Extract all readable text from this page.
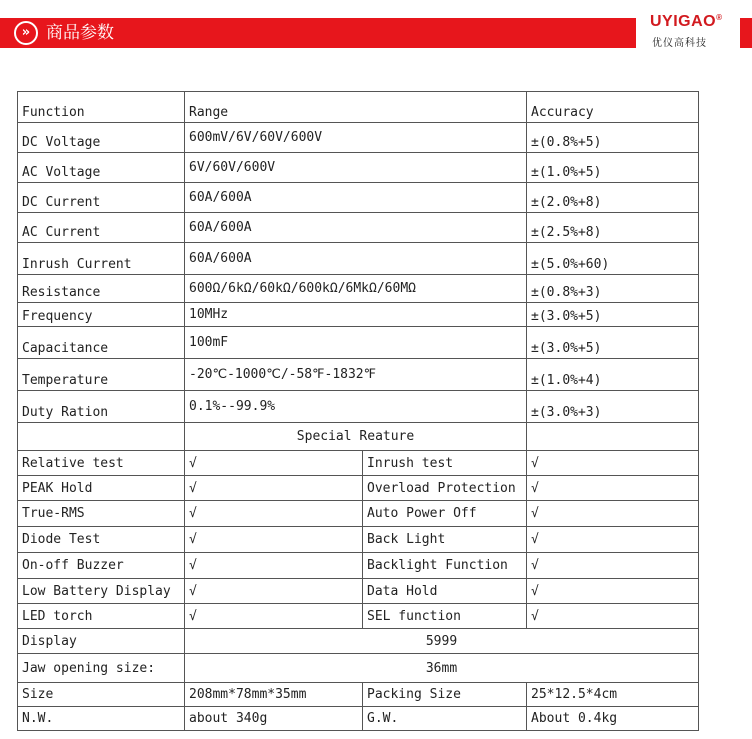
» 商品参数
UYIGAO®
优仪高科技
Function	Range		Accuracy
DC Voltage	600mV/6V/60V/600V		±(0.8%+5)
AC Voltage	6V/60V/600V		±(1.0%+5)
DC Current	60A/600A		±(2.0%+8)
AC Current	60A/600A		±(2.5%+8)
Inrush Current	60A/600A		±(5.0%+60)
Resistance	600Ω/6kΩ/60kΩ/600kΩ/6MkΩ/60MΩ		±(0.8%+3)
Frequency	10MHz		±(3.0%+5)
Capacitance	100mF		±(3.0%+5)
Temperature	-20℃-1000℃/-58℉-1832℉		±(1.0%+4)
Duty Ration	0.1%--99.9%		±(3.0%+3)
	Special Reature		
Relative test	√	Inrush test	√
PEAK Hold	√	Overload Protection	√
True-RMS	√	Auto Power Off	√
Diode Test	√	Back Light	√
On-off Buzzer	√	Backlight Function	√
Low Battery Display	√	Data Hold	√
LED torch	√	SEL function	√
Display	5999		
Jaw opening size:	36mm		
Size	208mm*78mm*35mm	Packing Size	25*12.5*4cm
N.W.	about 340g	G.W.	About 0.4kg
